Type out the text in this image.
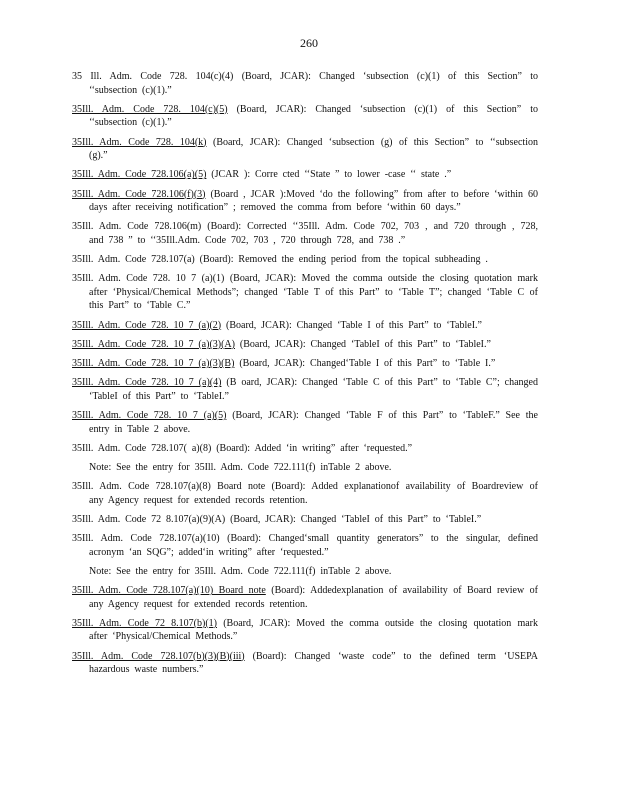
260

35 Ill. Adm. Code 728. 104(c)(4) (Board, JCAR): Changed ‘subsection (c)(1) of this Section” to ‘‘subsection (c)(1).”

35Ill. Adm. Code 728. 104(c)(5) (Board, JCAR): Changed ‘subsection (c)(1) of this Section” to ‘‘subsection (c)(1).”

35Ill. Adm. Code 728. 104(k) (Board, JCAR): Changed ‘subsection (g) of this Section” to ‘‘subsection (g).”

35Ill. Adm. Code 728.106(a)(5) (JCAR ): Corre cted ‘‘State ” to lower -case ‘‘ state .”

35Ill. Adm. Code 728.106(f)(3) (Board , JCAR ):Moved ‘do the following” from after to before ‘within 60 days after receiving notification” ; removed the comma from before ‘within 60 days.”

35Ill. Adm. Code 728.106(m) (Board): Corrected ‘‘35Ill. Adm. Code 702, 703 , and 720 through , 728, and 738 ” to ‘‘35Ill.Adm. Code 702, 703 , 720 through 728, and 738 .”

35Ill. Adm. Code 728.107(a) (Board): Removed the ending period from the topical subheading .

35Ill. Adm. Code 728. 10 7 (a)(1) (Board, JCAR): Moved the comma outside the closing quotation mark after ‘Physical/Chemical Methods”; changed ‘Table T of this Part” to ‘Table T”; changed ‘Table C of this Part” to ‘Table C.”

35Ill. Adm. Code 728. 10 7 (a)(2) (Board, JCAR): Changed ‘Table I of this Part” to ‘TableI.”

35Ill. Adm. Code 728. 10 7 (a)(3)(A) (Board, JCAR): Changed ‘TableI of this Part” to ‘TableI.”

35Ill. Adm. Code 728. 10 7 (a)(3)(B) (Board, JCAR): Changed‘Table I of this Part” to ‘Table I.”

35Ill. Adm. Code 728. 10 7 (a)(4) (B oard, JCAR): Changed ‘Table C of this Part” to ‘Table C”; changed ‘TableI of this Part” to ‘TableI.”

35Ill. Adm. Code 728. 10 7 (a)(5) (Board, JCAR): Changed ‘Table F of this Part” to ‘TableF.” See the entry in Table 2 above.

35Ill. Adm. Code 728.107( a)(8) (Board): Added ‘in writing” after ‘requested.”

Note: See the entry for 35Ill. Adm. Code 722.111(f) inTable 2 above.

35Ill. Adm. Code 728.107(a)(8) Board note (Board): Added explanationof availability of Boardreview of any Agency request for extended records retention.

35Ill. Adm. Code 72 8.107(a)(9)(A) (Board, JCAR): Changed ‘TableI of this Part” to ‘TableI.”

35Ill. Adm. Code 728.107(a)(10) (Board): Changed‘small quantity generators” to the singular, defined acronym ‘an SQG”; added‘in writing” after ‘requested.”

Note: See the entry for 35Ill. Adm. Code 722.111(f) inTable 2 above.

35Ill. Adm. Code 728.107(a)(10) Board note (Board): Addedexplanation of availability of Board review of any Agency request for extended records retention.

35Ill. Adm. Code 72 8.107(b)(1) (Board, JCAR): Moved the comma outside the closing quotation mark after ‘Physical/Chemical Methods.”

35Ill. Adm. Code 728.107(b)(3)(B)(iii) (Board): Changed ‘waste code” to the defined term ‘USEPA hazardous waste numbers.”
